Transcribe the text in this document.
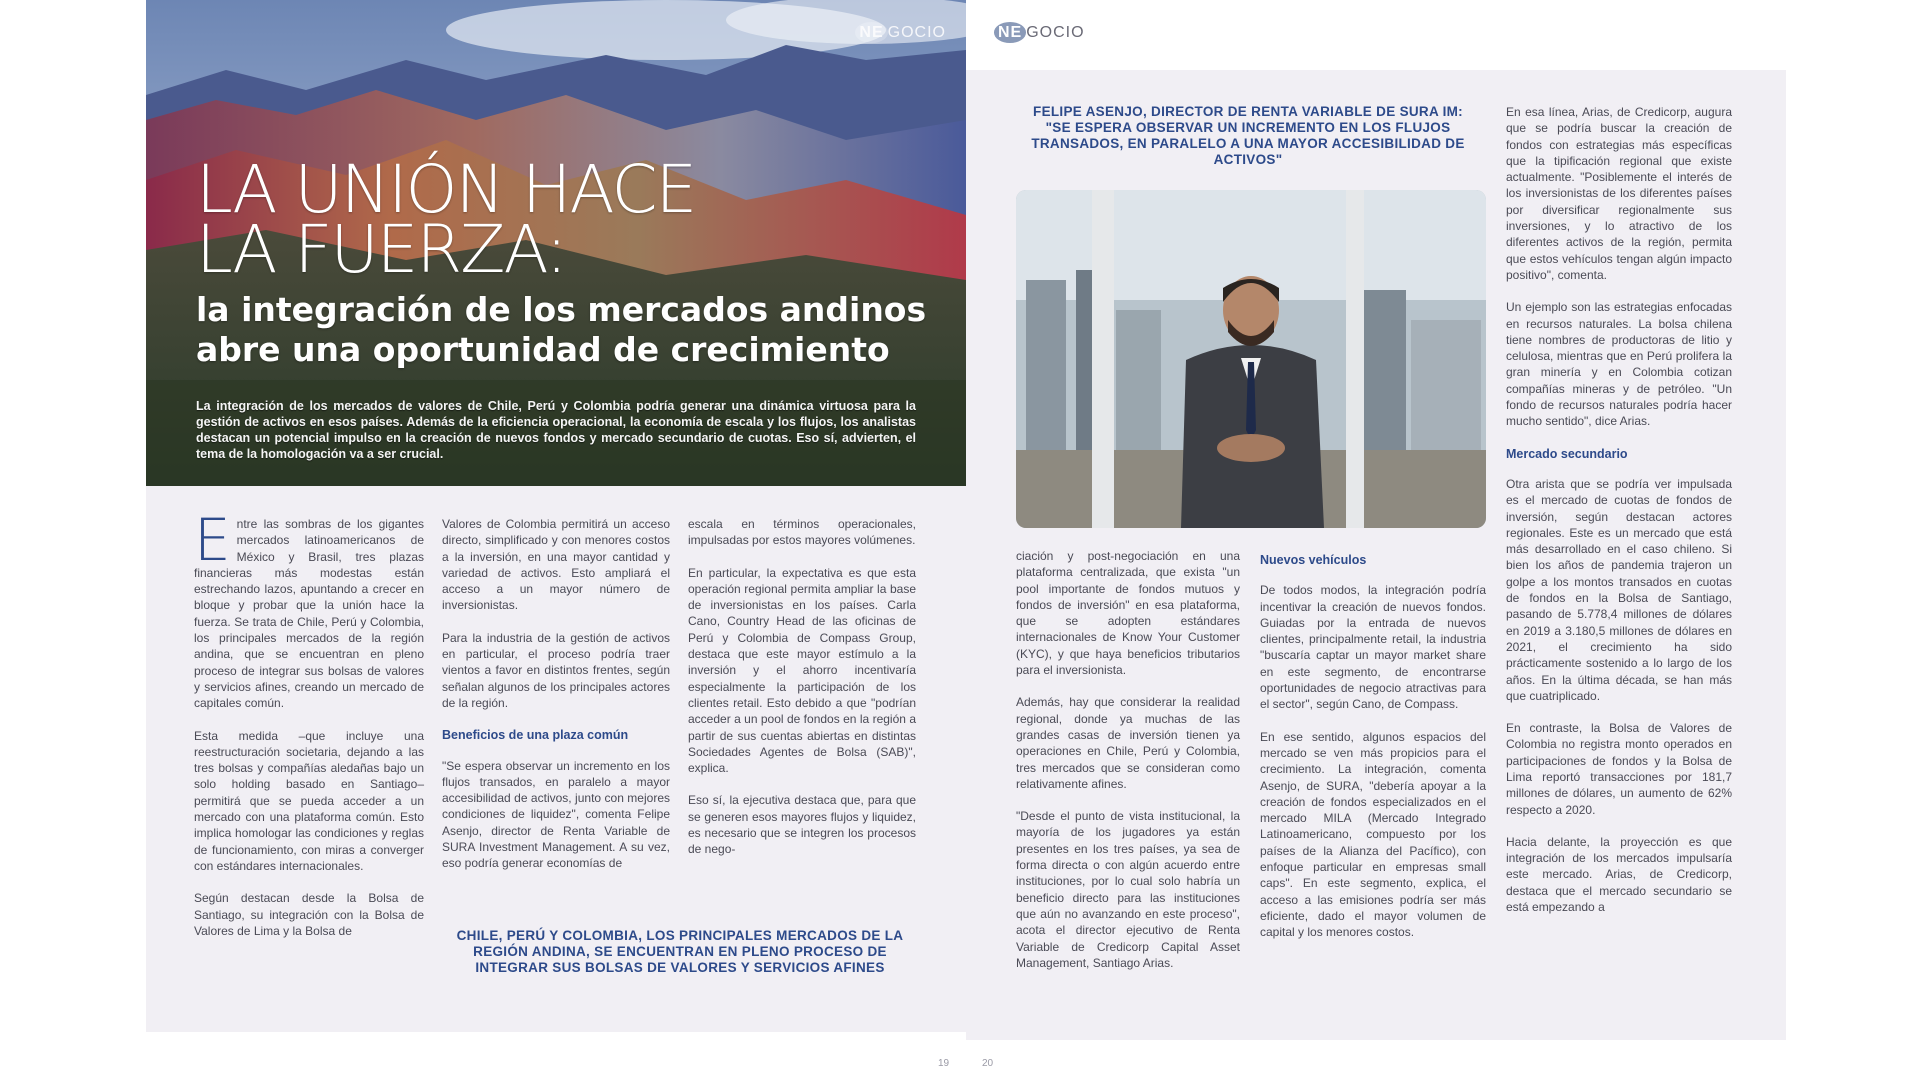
NE GOCIO
LA UNIÓN HACE LA FUERZA:
la integración de los mercados andinos abre una oportunidad de crecimiento
La integración de los mercados de valores de Chile, Perú y Colombia podría generar una dinámica virtuosa para la gestión de activos en esos países. Además de la eficiencia operacional, la economía de escala y los flujos, los analistas destacan un potencial impulso en la creación de nuevos fondos y mercado secundario de cuotas. Eso sí, advierten, el tema de la homologación va a ser crucial.

Entre las sombras de los gigantes mercados latinoamericanos de México y Brasil, tres plazas financieras más modestas están estrechando lazos, apuntando a crecer en bloque y probar que la unión hace la fuerza. Se trata de Chile, Perú y Colombia, los principales mercados de la región andina, que se encuentran en pleno proceso de integrar sus bolsas de valores y servicios afines, creando un mercado de capitales común.

Esta medida –que incluye una reestructuración societaria, dejando a las tres bolsas y compañías aledañas bajo un solo holding basado en Santiago– permitirá que se pueda acceder a un mercado con una plataforma común. Esto implica homologar las condiciones y reglas de funcionamiento, con miras a converger con estándares internacionales.

Según destacan desde la Bolsa de Santiago, su integración con la Bolsa de Valores de Lima y la Bolsa de

Valores de Colombia permitirá un acceso directo, simplificado y con menores costos a la inversión, en una mayor cantidad y variedad de activos. Esto ampliará el acceso a un mayor número de inversionistas.

Para la industria de la gestión de activos en particular, el proceso podría traer vientos a favor en distintos frentes, según señalan algunos de los principales actores de la región.

Beneficios de una plaza común

"Se espera observar un incremento en los flujos transados, en paralelo a mayor accesibilidad de activos, junto con mejores condiciones de liquidez", comenta Felipe Asenjo, director de Renta Variable de SURA Investment Management. A su vez, eso podría generar economías de

escala en términos operacionales, impulsadas por estos mayores volúmenes.

En particular, la expectativa es que esta operación regional permita ampliar la base de inversionistas en los países. Carla Cano, Country Head de las oficinas de Perú y Colombia de Compass Group, destaca que este mayor estímulo a la inversión y el ahorro incentivaría especialmente la participación de los clientes retail. Esto debido a que "podrían acceder a un pool de fondos en la región a partir de sus cuentas abiertas en distintas Sociedades Agentes de Bolsa (SAB)", explica.

Eso sí, la ejecutiva destaca que, para que se generen esos mayores flujos y liquidez, es necesario que se integren los procesos de nego-

CHILE, PERÚ Y COLOMBIA, LOS PRINCIPALES MERCADOS DE LA REGIÓN ANDINA, SE ENCUENTRAN EN PLENO PROCESO DE INTEGRAR SUS BOLSAS DE VALORES Y SERVICIOS AFINES
NE GOCIO
FELIPE ASENJO, DIRECTOR DE RENTA VARIABLE DE SURA IM: "SE ESPERA OBSERVAR UN INCREMENTO EN LOS FLUJOS TRANSADOS, EN PARALELO A UNA MAYOR ACCESIBILIDAD DE ACTIVOS"

ciación y post-negociación en una plataforma centralizada, que exista "un pool importante de fondos mutuos y fondos de inversión" en esa plataforma, que se adopten estándares internacionales de Know Your Customer (KYC), y que haya beneficios tributarios para el inversionista.

Además, hay que considerar la realidad regional, donde ya muchas de las grandes casas de inversión tienen ya operaciones en Chile, Perú y Colombia, tres mercados que se consideran como relativamente afines.

"Desde el punto de vista institucional, la mayoría de los jugadores ya están presentes en los tres países, ya sea de forma directa o con algún acuerdo entre instituciones, por lo cual solo habría un beneficio directo para las instituciones que aún no avanzando en este proceso", acota el director ejecutivo de Renta Variable de Credicorp Capital Asset Management, Santiago Arias.

Nuevos vehículos

De todos modos, la integración podría incentivar la creación de nuevos fondos. Guiadas por la entrada de nuevos clientes, principalmente retail, la industria "buscaría captar un mayor market share en este segmento, de encontrarse oportunidades de negocio atractivas para el sector", según Cano, de Compass.

En ese sentido, algunos espacios del mercado se ven más propicios para el crecimiento. La integración, comenta Asenjo, de SURA, "debería apoyar a la creación de fondos especializados en el mercado MILA (Mercado Integrado Latinoamericano, compuesto por los países de la Alianza del Pacífico), con enfoque particular en empresas small caps". En este segmento, explica, el acceso a las emisiones podría ser más eficiente, dado el mayor volumen de capital y los menores costos.

En esa línea, Arias, de Credicorp, augura que se podría buscar la creación de fondos con estrategias más específicas que la tipificación regional que existe actualmente. "Posiblemente el interés de los inversionistas de los diferentes países por diversificar regionalmente sus inversiones, y lo atractivo de los diferentes activos de la región, permita que estos vehículos tengan algún impacto positivo", comenta.

Un ejemplo son las estrategias enfocadas en recursos naturales. La bolsa chilena tiene nombres de productoras de litio y celulosa, mientras que en Perú prolifera la gran minería y en Colombia cotizan compañías mineras y de petróleo. "Un fondo de recursos naturales podría hacer mucho sentido", dice Arias.

Mercado secundario

Otra arista que se podría ver impulsada es el mercado de cuotas de fondos de inversión, según destacan actores regionales. Este es un mercado que está más desarrollado en el caso chileno. Si bien los años de pandemia trajeron un golpe a los montos transados en cuotas de fondos en la Bolsa de Santiago, pasando de 5.778,4 millones de dólares en 2019 a 3.180,5 millones de dólares en 2021, el crecimiento ha sido prácticamente sostenido a lo largo de los años. En la última década, se han más que cuatriplicado.

En contraste, la Bolsa de Valores de Colombia no registra monto operados en participaciones de fondos y la Bolsa de Lima reportó transacciones por 181,7 millones de dólares, un aumento de 62% respecto a 2020.

Hacia delante, la proyección es que integración de los mercados impulsaría este mercado. Arias, de Credicorp, destaca que el mercado secundario se está empezando a

19	20
